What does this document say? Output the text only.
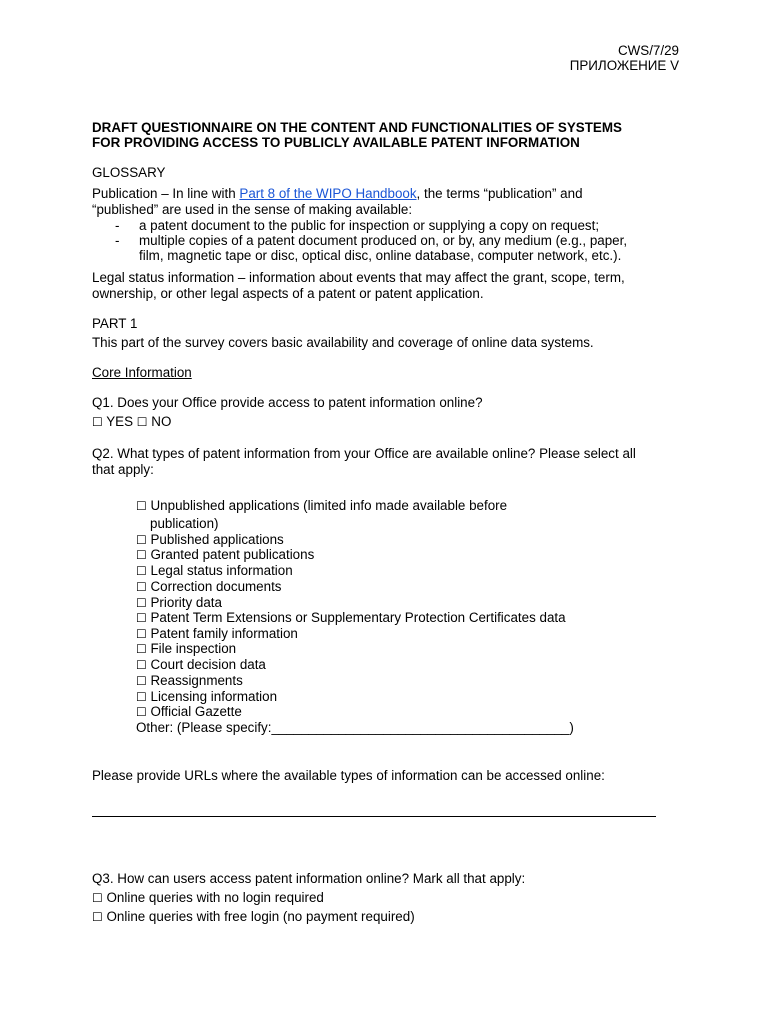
CWS/7/29
ПРИЛОЖЕНИЕ V
DRAFT QUESTIONNAIRE ON THE CONTENT AND FUNCTIONALITIES OF SYSTEMS
FOR PROVIDING ACCESS TO PUBLICLY AVAILABLE PATENT INFORMATION
GLOSSARY
Publication – In line with Part 8 of the WIPO Handbook, the terms “publication” and
“published” are used in the sense of making available:
- a patent document to the public for inspection or supplying a copy on request;
- multiple copies of a patent document produced on, or by, any medium (e.g., paper,
film, magnetic tape or disc, optical disc, online database, computer network, etc.).
Legal status information – information about events that may affect the grant, scope, term,
ownership, or other legal aspects of a patent or patent application.
PART 1
This part of the survey covers basic availability and coverage of online data systems.
Core Information
Q1. Does your Office provide access to patent information online?
☐ YES ☐ NO
Q2. What types of patent information from your Office are available online? Please select all
that apply:
☐ Unpublished applications (limited info made available before
publication)
☐ Published applications
☐ Granted patent publications
☐ Legal status information
☐ Correction documents
☐ Priority data
☐ Patent Term Extensions or Supplementary Protection Certificates data
☐ Patent family information
☐ File inspection
☐ Court decision data
☐ Reassignments
☐ Licensing information
☐ Official Gazette
Other: (Please specify:________________________________________)
Please provide URLs where the available types of information can be accessed online:
Q3. How can users access patent information online? Mark all that apply:
☐ Online queries with no login required
☐ Online queries with free login (no payment required)
